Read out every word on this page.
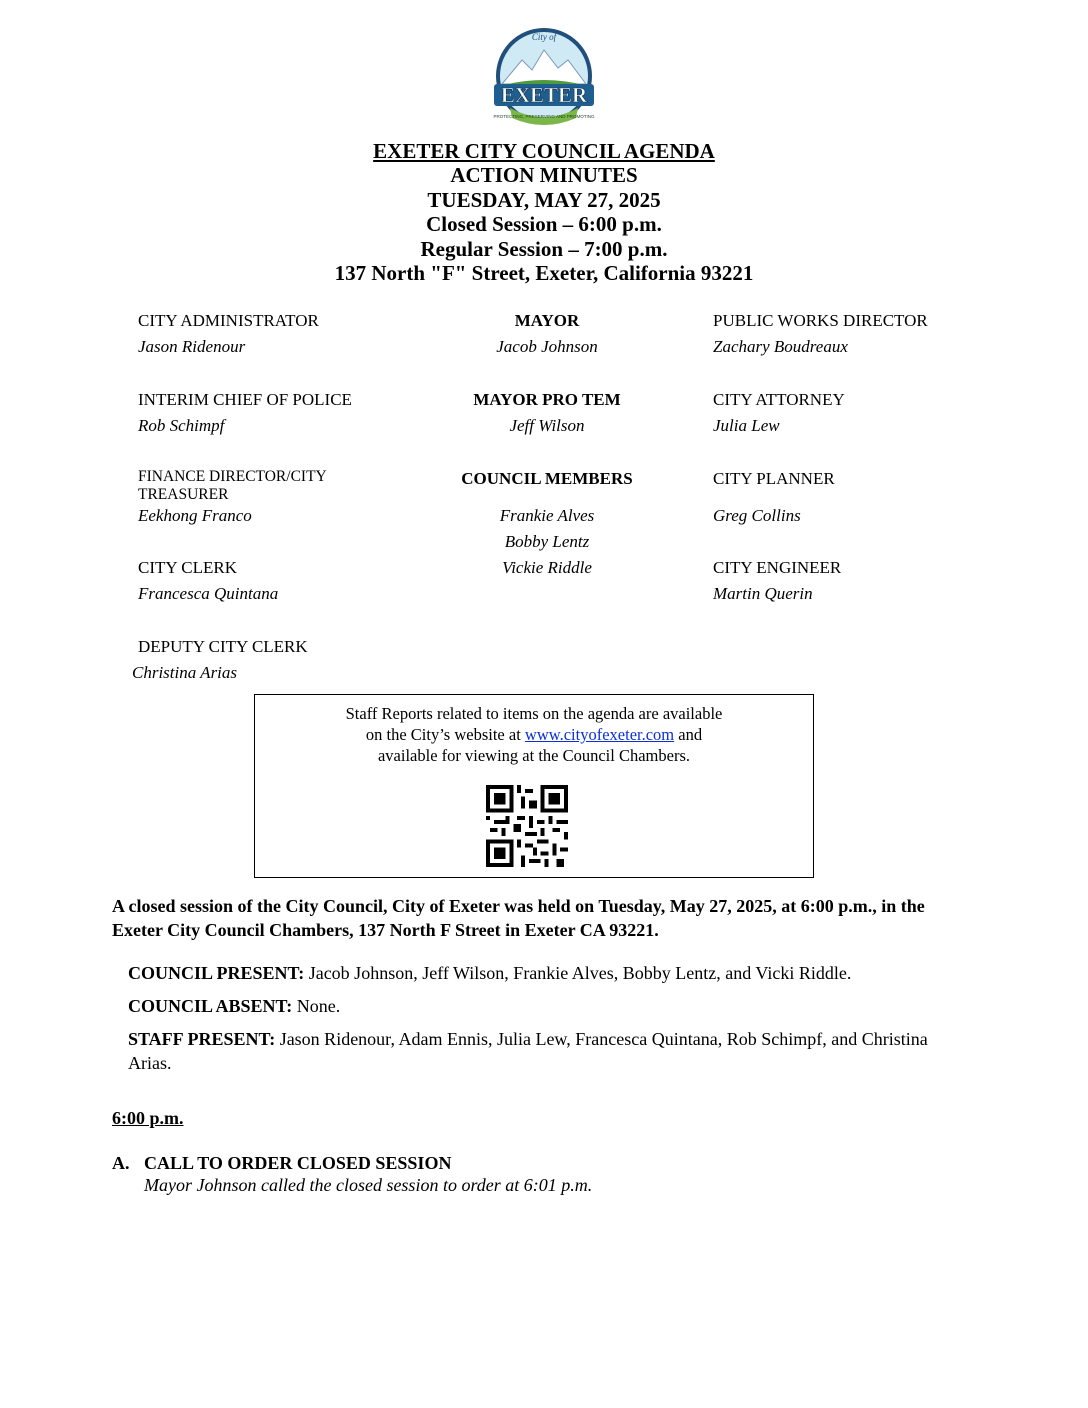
EXETER
City of
PROTECTING, PRESERVING AND PROMOTING
EXETER CITY COUNCIL AGENDA
ACTION MINUTES
TUESDAY, MAY 27, 2025
Closed Session – 6:00 p.m.
Regular Session – 7:00 p.m.
137 North "F" Street, Exeter, California 93221
CITY ADMINISTRATOR
Jason Ridenour
INTERIM CHIEF OF POLICE
Rob Schimpf
FINANCE DIRECTOR/CITY
TREASURER
Eekhong Franco
CITY CLERK
Francesca Quintana
DEPUTY CITY CLERK
Christina Arias
MAYOR
Jacob Johnson
MAYOR PRO TEM
Jeff Wilson
COUNCIL MEMBERS
Frankie Alves
Bobby Lentz
Vickie Riddle
PUBLIC WORKS DIRECTOR
Zachary Boudreaux
CITY ATTORNEY
Julia Lew
CITY PLANNER
Greg Collins
CITY ENGINEER
Martin Querin
Staff Reports related to items on the agenda are available
on the City’s website at www.cityofexeter.com and
available for viewing at the Council Chambers.
A closed session of the City Council, City of Exeter was held on Tuesday, May 27, 2025, at 6:00 p.m., in the Exeter City Council Chambers, 137 North F Street in Exeter CA 93221.
COUNCIL PRESENT: Jacob Johnson, Jeff Wilson, Frankie Alves, Bobby Lentz, and Vicki Riddle.
COUNCIL ABSENT: None.
STAFF PRESENT: Jason Ridenour, Adam Ennis, Julia Lew, Francesca Quintana, Rob Schimpf, and Christina Arias.
6:00 p.m.
A. CALL TO ORDER CLOSED SESSION
Mayor Johnson called the closed session to order at 6:01 p.m.
